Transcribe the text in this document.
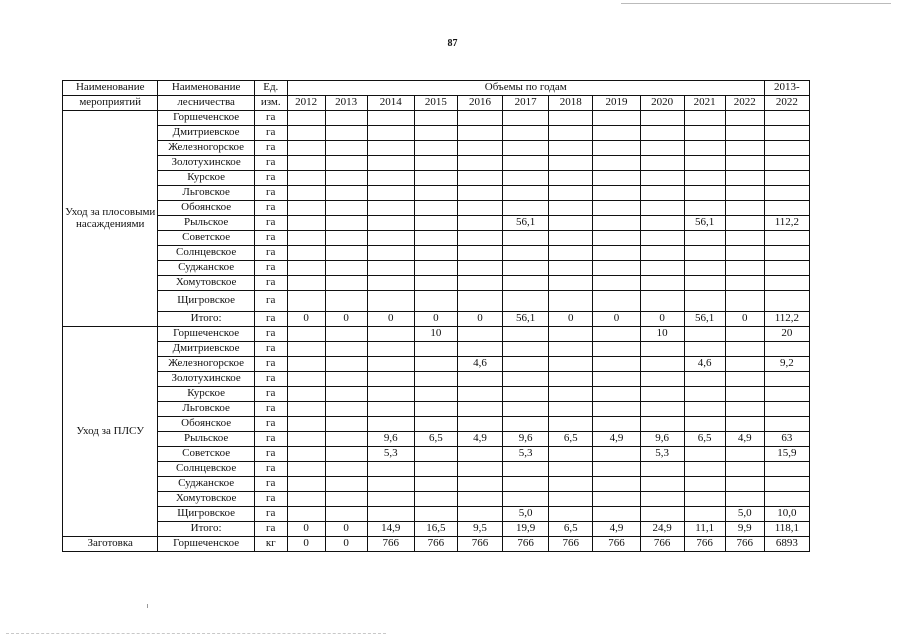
87
Наименование	Наименование	Ед.	Объемы по годам											2013-
мероприятий	лесничества	изм.	2012	2013	2014	2015	2016	2017	2018	2019	2020	2021	2022	2022
Уход за плосовыми насаждениями	Горшеченское	га												
	Дмитриевское	га												
	Железногорское	га												
	Золотухинское	га												
	Курское	га												
	Льговское	га												
	Обоянское	га												
	Рыльское	га						56,1				56,1		112,2
	Советское	га												
	Солнцевское	га												
	Суджанское	га												
	Хомутовское	га												
	Щигровское	га												
	Итого:	га	0	0	0	0	0	56,1	0	0	0	56,1	0	112,2
Уход за ПЛСУ	Горшеченское	га				10					10			20
	Дмитриевское	га												
	Железногорское	га					4,6					4,6		9,2
	Золотухинское	га												
	Курское	га												
	Льговское	га												
	Обоянское	га												
	Рыльское	га			9,6	6,5	4,9	9,6	6,5	4,9	9,6	6,5	4,9	63
	Советское	га			5,3			5,3			5,3			15,9
	Солнцевское	га												
	Суджанское	га												
	Хомутовское	га												
	Щигровское	га						5,0					5,0	10,0
	Итого:	га	0	0	14,9	16,5	9,5	19,9	6,5	4,9	24,9	11,1	9,9	118,1
Заготовка	Горшеченское	кг	0	0	766	766	766	766	766	766	766	766	766	6893
